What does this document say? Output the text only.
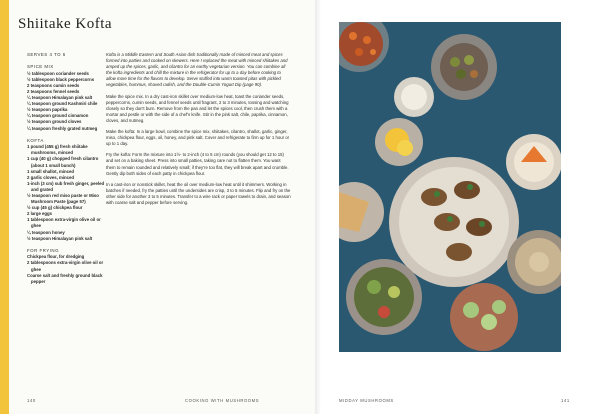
Shiitake Kofta
SERVES 4 TO 6
SPICE MIX
½ tablespoon coriander seeds
½ tablespoon black peppercorns
2 teaspoons cumin seeds
2 teaspoons fennel seeds
¼ teaspoon Himalayan pink salt
¼ teaspoon ground Kashmiri chile
½ teaspoon paprika
¼ teaspoon ground cinnamon
½ teaspoon ground cloves
¼ teaspoon freshly grated nutmeg
KOFTA
1 pound (455 g) fresh shiitake mushrooms, minced
1 cup (40 g) chopped fresh cilantro (about 1 small bunch)
1 small shallot, minced
2 garlic cloves, minced
1-inch (3 cm) sub fresh ginger, peeled and grated
½ teaspoon red miso paste or Miso Mushroom Paste (page 57)
½ cup (45 g) chickpea flour
2 large eggs
1 tablespoon extra-virgin olive oil or ghee
¼ teaspoon honey
½ teaspoon Himalayan pink salt
FOR FRYING
Chickpea flour, for dredging
2 tablespoons extra-virgin olive oil or ghee
Coarse salt and freshly ground black pepper

Kofta is a Middle Eastern and South Asian dish traditionally made of minced meat and spices formed into patties and cooked on skewers. Here I replaced the meat with minced shiitakes and amped up the spices, garlic, and cilantro for an earthy vegetarian version. You can combine all the kofta ingredients and chill the mixture in the refrigerator for up to a day before cooking to allow more time for the flavors to develop. Serve stuffed into warm toasted pitas with pickled vegetables, hummus, shaved radish, and the Double-Cumin Yogurt Dip (page 90).

Make the spice mix. In a dry cast-iron skillet over medium-low heat, toast the coriander seeds, peppercorns, cumin seeds, and fennel seeds until fragrant, 2 to 3 minutes, tossing and watching closely so they don't burn. Remove from the pan and let the spices cool, then crush them with a mortar and pestle or with the side of a chef's knife. Stir in the pink salt, chile, paprika, cinnamon, cloves, and nutmeg.

Make the kofta: In a large bowl, combine the spice mix, shiitakes, cilantro, shallot, garlic, ginger, miso, chickpea flour, eggs, oil, honey, and pink salt. Cover and refrigerate to firm up for 1 hour or up to 1 day.

Fry the kofta: Form the mixture into 1½- to 2-inch (4 to 5 cm) rounds (you should get 12 to 15) and set on a baking sheet. Press into small patties, taking care not to flatten them. You want them to remain rounded and relatively small; if they're too flat, they will break apart and crumble. Gently dip both sides of each patty in chickpea flour.

In a cast-iron or nonstick skillet, heat the oil over medium-low heat until it shimmers. Working in batches if needed, fry the patties until the undersides are crisp, 3 to 5 minutes. Flip and fry on the other side for another 3 to 5 minutes. Transfer to a wire rack or paper towels to drain, and season with coarse salt and pepper before serving.

140	COOKING WITH MUSHROOMS	MIDDAY MUSHROOMS	141
